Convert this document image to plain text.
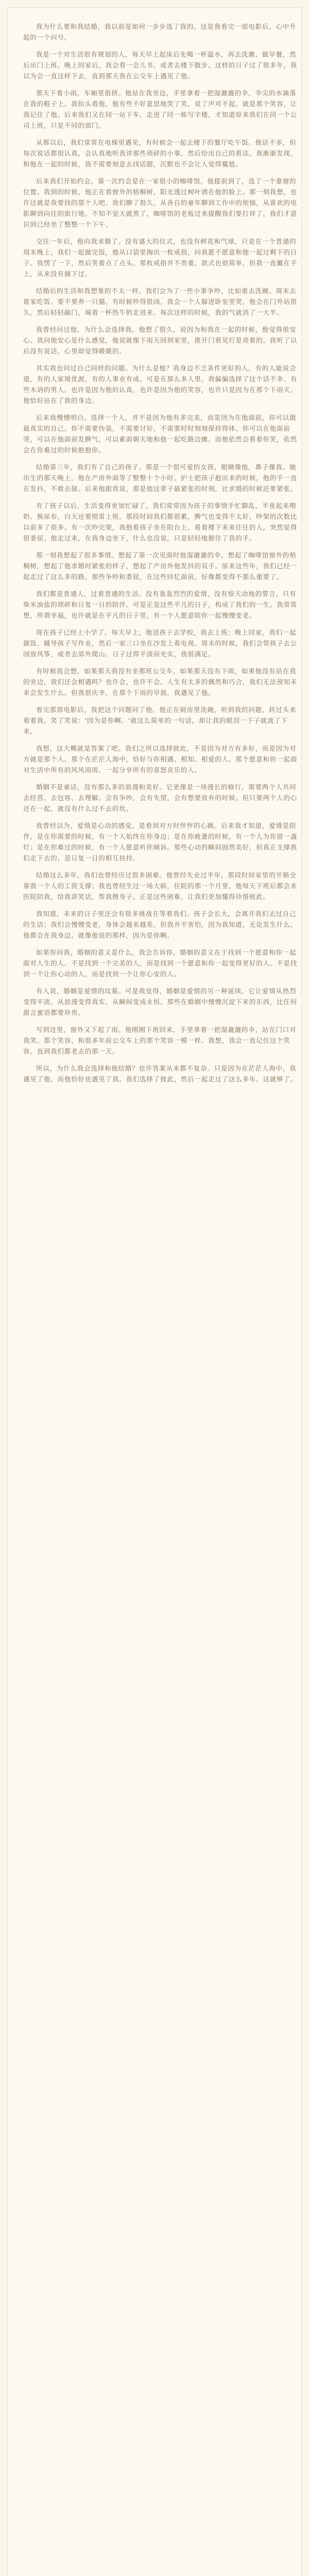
我为什么要和我结婚，我以前是如何一步步选了我的。这是我看完一部电影后，心中升起的一个问号。

我是一个对生活很有规划的人，每天早上起床后先喝一杯温水，再去洗漱、做早餐，然后出门上班。晚上回家后，我会看一会儿书，或者去楼下散步。这样的日子过了很多年，我以为会一直这样下去，直到那天我在公交车上遇见了他。

那天下着小雨，车厢里很挤。他站在我旁边，手里拿着一把湿漉漉的伞，伞尖的水滴落在我的鞋子上。我抬头看他，他有些不好意思地笑了笑，说了声对不起。就是那个笑容，让我记住了他。后来我们又在同一站下车，走进了同一栋写字楼，才知道原来我们在同一个公司上班，只是不同的部门。

从那以后，我们常常在电梯里遇见，有时候会一起去楼下的餐厅吃午饭。他话不多，但每次说话都很认真，会认真地听我讲那些琐碎的小事，然后给出自己的看法。我渐渐发现，和他在一起的时候，我不需要刻意去找话题，沉默也不会让人觉得尴尬。

后来我们开始约会。第一次约会是在一家很小的咖啡馆，他提前到了，选了一个靠窗的位置。我到的时候，他正在看窗外的梧桐树，阳光透过树叶洒在他的脸上。那一刻我想，也许这就是我要找的那个人吧。我们聊了很久，从各自的童年聊到工作中的烦恼，从喜欢的电影聊到向往的旅行地。不知不觉天就黑了，咖啡馆的老板过来提醒我们要打烊了，我们才意识到已经坐了整整一个下午。

交往一年后，他向我求婚了。没有盛大的仪式，也没有鲜花和气球，只是在一个普通的周末晚上，我们一起做完饭，他从口袋里掏出一枚戒指，问我愿不愿意和他一起过剩下的日子。我愣了一下，然后笑着点了点头。那枚戒指并不贵重，款式也很简单，但我一直戴在手上，从来没有摘下过。

结婚后的生活和我想象的不太一样。我们会为了一些小事争吵，比如谁去洗碗、周末去谁家吃饭、要不要养一只猫。有时候吵得很凶，我会一个人躲进卧室里哭，他会在门外站很久，然后轻轻敲门，端着一杯热牛奶走进来。每次这样的时候，我的气就消了一大半。

我曾经问过他，为什么会选择我。他想了很久，说因为和我在一起的时候，他觉得很安心。我问他安心是什么感觉，他说就像下雨天回到家里，推开门看见灯是亮着的。我听了以后没有说话，心里却觉得暖暖的。

其实我也问过自己同样的问题。为什么是他？我身边不乏条件更好的人，有的人能说会道，有的人家境优渥，有的人事业有成。可是在那么多人里，我偏偏选择了这个话不多、有些木讷的男人。也许是因为他的认真，也许是因为他的笑容，也许只是因为在那个下雨天，他恰好站在了我的身边。

后来我慢慢明白，选择一个人，并不是因为他有多完美，而是因为在他面前，你可以做最真实的自己。你不需要伪装，不需要讨好，不需要时时刻刻保持得体。你可以在他面前哭，可以在他面前发脾气，可以素面朝天地和他一起吃路边摊。而他依然会看着你笑，依然会在你难过的时候抱抱你。

结婚第三年，我们有了自己的孩子。那是一个很可爱的女孩，眼睛像他，鼻子像我。她出生的那天晚上，他在产房外面等了整整十个小时。护士把孩子抱出来的时候，他的手一直在发抖，不敢去接。后来他跟我说，那是他这辈子最紧张的时刻，比求婚的时候还要紧张。

有了孩子以后，生活变得更加忙碌了。我们常常因为孩子的事情手忙脚乱，半夜起来喂奶、换尿布，白天还要照常上班。那段时间我们都很累，脾气也变得不太好，吵架的次数比以前多了很多。有一次吵完架，我抱着孩子坐在阳台上，看着楼下来来往往的人，突然觉得很委屈。他走过来，在我身边坐下，什么也没说，只是轻轻地握住了我的手。

那一刻我想起了很多事情。想起了第一次见面时他湿漉漉的伞，想起了咖啡馆窗外的梧桐树，想起了他求婚时紧张的样子，想起了产房外他发抖的双手。原来这些年，我们已经一起走过了这么多的路。那些争吵和委屈，在这些回忆面前，好像都变得不那么重要了。

我们都是普通人，过着普通的生活。没有轰轰烈烈的爱情，没有惊天动地的誓言，只有柴米油盐的琐碎和日复一日的陪伴。可是正是这些平凡的日子，构成了我们的一生。我常常想，所谓幸福，也许就是在平凡的日子里，有一个人愿意陪你一起慢慢变老。

现在孩子已经上小学了。每天早上，他送孩子去学校，我去上班；晚上回家，我们一起做饭、辅导孩子写作业，然后一家三口坐在沙发上看电视。周末的时候，我们会带孩子去公园放风筝，或者去郊外爬山。日子过得平淡而充实，我很满足。

有时候我会想，如果那天我没有坐那班公交车，如果那天没有下雨，如果他没有站在我的旁边，我们还会相遇吗？也许会，也许不会。人生有太多的偶然和巧合，我们无法预知未来会发生什么。但我很庆幸，在那个下雨的早晨，我遇见了他。

看完那部电影后，我把这个问题问了他。他正在厨房里洗碗，听到我的问题，转过头来看着我，笑了笑说：'因为是你啊。'就这么简单的一句话，却让我的眼泪一下子就流了下来。

我想，这大概就是答案了吧。我们之所以选择彼此，不是因为对方有多好，而是因为对方就是那个人。那个在茫茫人海中，恰好与你相遇、相知、相爱的人。那个愿意和你一起面对生活中所有的风风雨雨、一起分享所有的喜怒哀乐的人。

婚姻不是童话，没有那么多的浪漫和美好。它更像是一场漫长的修行，需要两个人共同去经营、去包容、去理解。会有争吵，会有失望，会有想要放弃的时候。但只要两个人的心还在一起，就没有什么过不去的坎。

我曾经以为，爱情是心动的感觉，是看到对方时怦怦的心跳。后来我才知道，爱情是陪伴，是在你需要的时候，有一个人始终在你身边；是在你疲惫的时候，有一个人为你留一盏灯；是在你难过的时候，有一个人愿意听你倾诉。那些心动的瞬间固然美好，但真正支撑我们走下去的，是日复一日的相互扶持。

结婚这么多年，我们也曾经历过很多困难。他曾经失业过半年，那段时间家里的开销全靠我一个人的工资支撑；我也曾经生过一场大病，住院的那一个月里，他每天下班后都会来医院陪我，给我讲笑话，帮我擦身子。正是这些困难，让我们更加懂得珍惜彼此。

我知道，未来的日子里还会有很多挑战在等着我们。孩子会长大，会离开我们去过自己的生活；我们会慢慢变老，身体会越来越差。但我并不害怕，因为我知道，无论发生什么，他都会在我身边。就像他说的那样，因为是你啊。

如果你问我，婚姻的意义是什么，我会告诉你，婚姻的意义在于找到一个愿意和你一起面对人生的人。不是找到一个完美的人，而是找到一个愿意和你一起变得更好的人。不是找到一个让你心动的人，而是找到一个让你心安的人。

有人说，婚姻是爱情的坟墓。可是我觉得，婚姻是爱情的另一种延续。它让爱情从热烈变得平淡，从浪漫变得真实，从瞬间变成永恒。那些在婚姻中慢慢沉淀下来的东西，比任何甜言蜜语都要珍贵。

写到这里，窗外又下起了雨。他刚刚下班回来，手里拿着一把湿漉漉的伞，站在门口对我笑。那个笑容，和很多年前公交车上的那个笑容一模一样。我想，我会一直记住这个笑容，直到我们都老去的那一天。

所以，为什么我会选择和他结婚？也许答案从来都不复杂。只是因为在茫茫人海中，我遇见了他，而他恰好也遇见了我。我们选择了彼此，然后一起走过了这么多年。这就够了。
